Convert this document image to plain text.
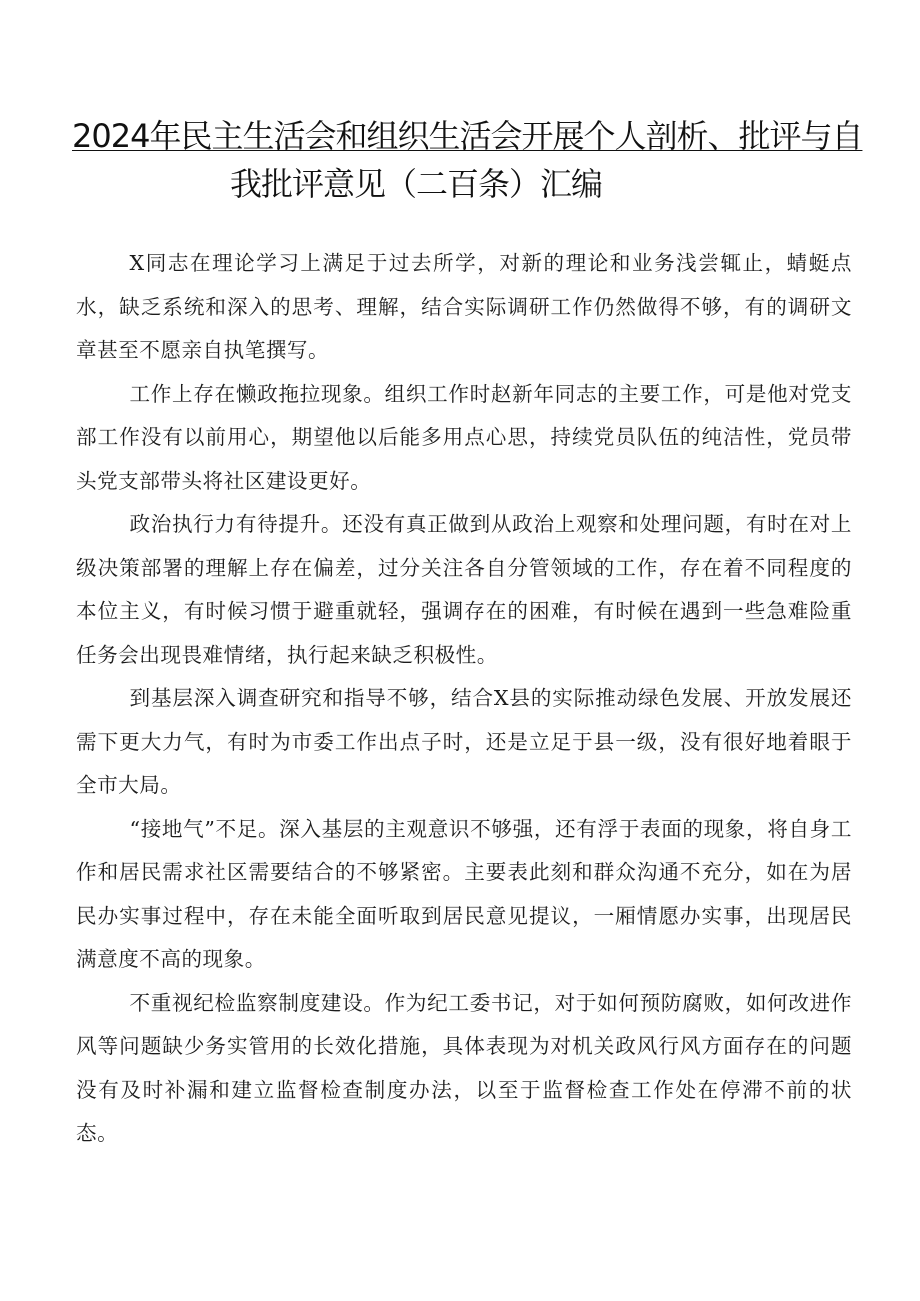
2024年民主生活会和组织生活会开展个人剖析、批评与自
我批评意见（二百条）汇编

X同志在理论学习上满足于过去所学，对新的理论和业务浅尝辄止，蜻蜓点水，缺乏系统和深入的思考、理解，结合实际调研工作仍然做得不够，有的调研文章甚至不愿亲自执笔撰写。

工作上存在懒政拖拉现象。组织工作时赵新年同志的主要工作，可是他对党支部工作没有以前用心，期望他以后能多用点心思，持续党员队伍的纯洁性，党员带头党支部带头将社区建设更好。

政治执行力有待提升。还没有真正做到从政治上观察和处理问题，有时在对上级决策部署的理解上存在偏差，过分关注各自分管领域的工作，存在着不同程度的本位主义，有时候习惯于避重就轻，强调存在的困难，有时候在遇到一些急难险重任务会出现畏难情绪，执行起来缺乏积极性。

到基层深入调查研究和指导不够，结合X县的实际推动绿色发展、开放发展还需下更大力气，有时为市委工作出点子时，还是立足于县一级，没有很好地着眼于全市大局。

“接地气”不足。深入基层的主观意识不够强，还有浮于表面的现象，将自身工作和居民需求社区需要结合的不够紧密。主要表此刻和群众沟通不充分，如在为居民办实事过程中，存在未能全面听取到居民意见提议，一厢情愿办实事，出现居民满意度不高的现象。

不重视纪检监察制度建设。作为纪工委书记，对于如何预防腐败，如何改进作风等问题缺少务实管用的长效化措施，具体表现为对机关政风行风方面存在的问题没有及时补漏和建立监督检查制度办法，以至于监督检查工作处在停滞不前的状态。
